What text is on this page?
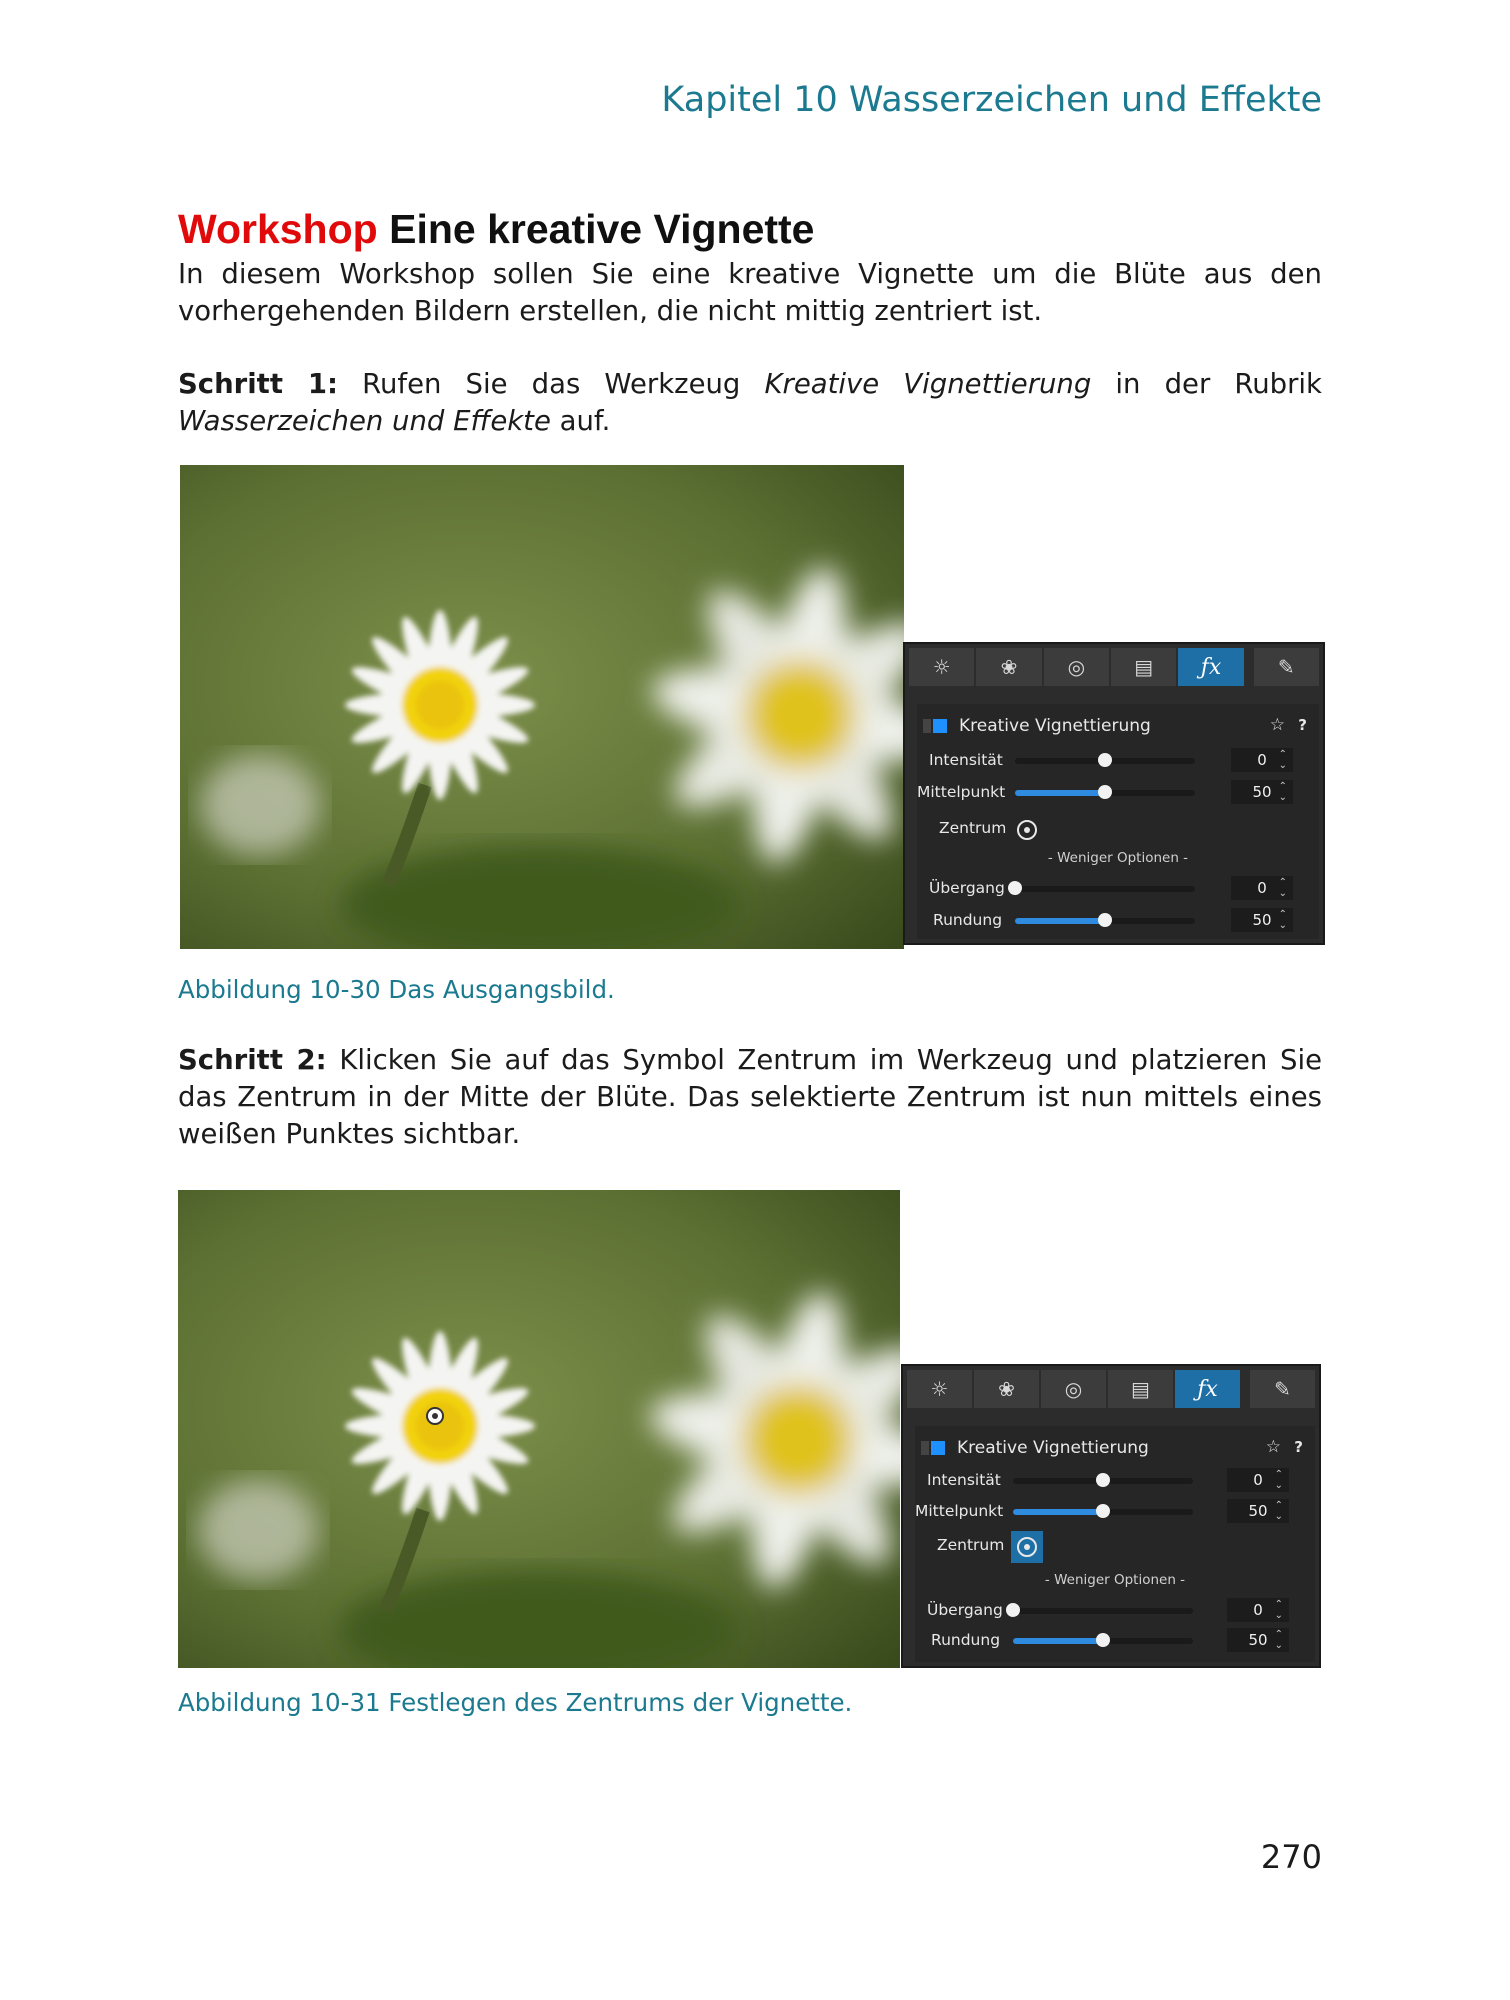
Kapitel 10 Wasserzeichen und Effekte
Workshop Eine kreative Vignette
In diesem Workshop sollen Sie eine kreative Vignette um die Blüte aus den vorhergehenden Bildern erstellen, die nicht mittig zentriert ist.
Schritt 1: Rufen Sie das Werkzeug Kreative Vignettierung in der Rubrik Wasserzeichen und Effekte auf.
☼	❀	◎	▤	ƒx	✎
Kreative Vignettierung	☆ ?
Intensität	0 ⌃
⌄
Mittelpunkt	50 ⌃
⌄
Zentrum
- Weniger Optionen -
Übergang	0 ⌃
⌄
Rundung	50 ⌃
⌄
Abbildung 10-30 Das Ausgangsbild.
Schritt 2: Klicken Sie auf das Symbol Zentrum im Werkzeug und platzieren Sie das Zentrum in der Mitte der Blüte. Das selektierte Zentrum ist nun mittels eines weißen Punktes sichtbar.
☼	❀	◎	▤	ƒx	✎
Kreative Vignettierung	☆ ?
Intensität	0 ⌃
⌄
Mittelpunkt	50 ⌃
⌄
Zentrum
- Weniger Optionen -
Übergang	0 ⌃
⌄
Rundung	50 ⌃
⌄
Abbildung 10-31 Festlegen des Zentrums der Vignette.
270
